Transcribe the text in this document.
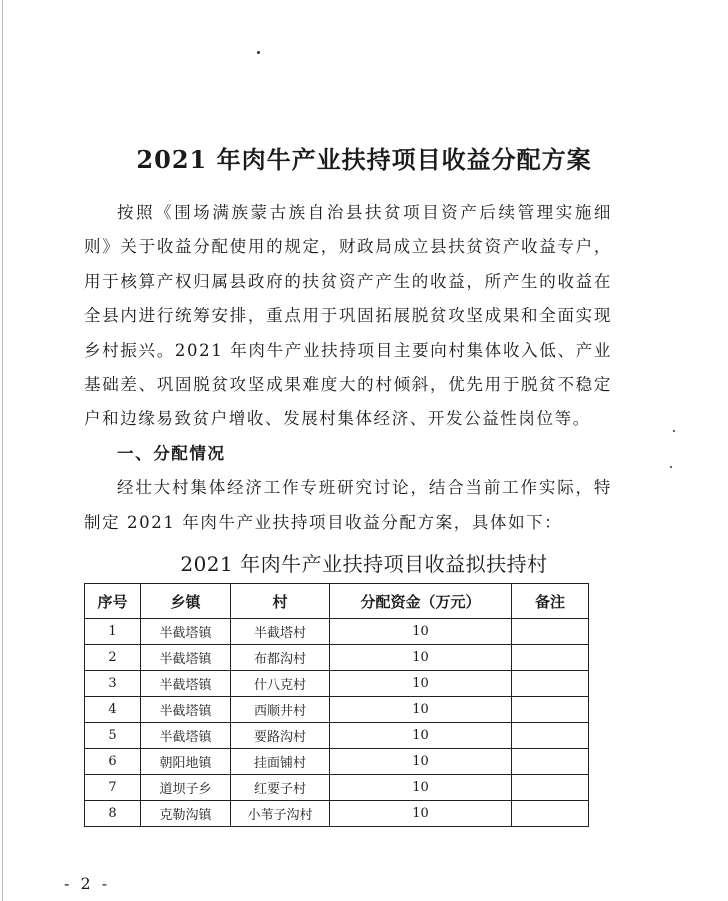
2021 年肉牛产业扶持项目收益分配方案

按照《围场满族蒙古族自治县扶贫项目资产后续管理实施细则》关于收益分配使用的规定，财政局成立县扶贫资产收益专户，用于核算产权归属县政府的扶贫资产产生的收益，所产生的收益在全县内进行统筹安排，重点用于巩固拓展脱贫攻坚成果和全面实现乡村振兴。2021 年肉牛产业扶持项目主要向村集体收入低、产业基础差、巩固脱贫攻坚成果难度大的村倾斜，优先用于脱贫不稳定户和边缘易致贫户增收、发展村集体经济、开发公益性岗位等。

一、分配情况

经壮大村集体经济工作专班研究讨论，结合当前工作实际，特制定 2021 年肉牛产业扶持项目收益分配方案，具体如下：

2021 年肉牛产业扶持项目收益拟扶持村
序号	乡镇	村	分配资金（万元）	备注
1	半截塔镇	半截塔村	10	
2	半截塔镇	布都沟村	10	
3	半截塔镇	什八克村	10	
4	半截塔镇	西顺井村	10	
5	半截塔镇	要路沟村	10	
6	朝阳地镇	挂面铺村	10	
7	道坝子乡	红要子村	10	
8	克勒沟镇	小苇子沟村	10	
- 2 -
